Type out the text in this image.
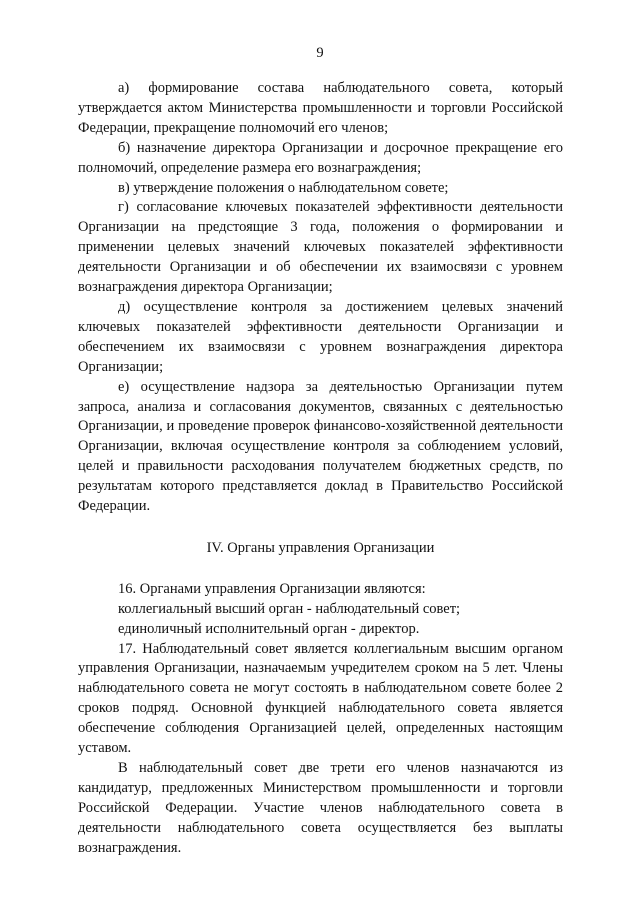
9

а) формирование состава наблюдательного совета, который утверждается актом Министерства промышленности и торговли Российской Федерации, прекращение полномочий его членов;

б) назначение директора Организации и досрочное прекращение его полномочий, определение размера его вознаграждения;

в) утверждение положения о наблюдательном совете;

г) согласование ключевых показателей эффективности деятельности Организации на предстоящие 3 года, положения о формировании и применении целевых значений ключевых показателей эффективности деятельности Организации и об обеспечении их взаимосвязи с уровнем вознаграждения директора Организации;

д) осуществление контроля за достижением целевых значений ключевых показателей эффективности деятельности Организации и обеспечением их взаимосвязи с уровнем вознаграждения директора Организации;

е) осуществление надзора за деятельностью Организации путем запроса, анализа и согласования документов, связанных с деятельностью Организации, и проведение проверок финансово-хозяйственной деятельности Организации, включая осуществление контроля за соблюдением условий, целей и правильности расходования получателем бюджетных средств, по результатам которого представляется доклад в Правительство Российской Федерации.

IV. Органы управления Организации

16. Органами управления Организации являются:

коллегиальный высший орган - наблюдательный совет;

единоличный исполнительный орган - директор.

17. Наблюдательный совет является коллегиальным высшим органом управления Организации, назначаемым учредителем сроком на 5 лет. Члены наблюдательного совета не могут состоять в наблюдательном совете более 2 сроков подряд. Основной функцией наблюдательного совета является обеспечение соблюдения Организацией целей, определенных настоящим уставом.

В наблюдательный совет две трети его членов назначаются из кандидатур, предложенных Министерством промышленности и торговли Российской Федерации. Участие членов наблюдательного совета в деятельности наблюдательного совета осуществляется без выплаты вознаграждения.
